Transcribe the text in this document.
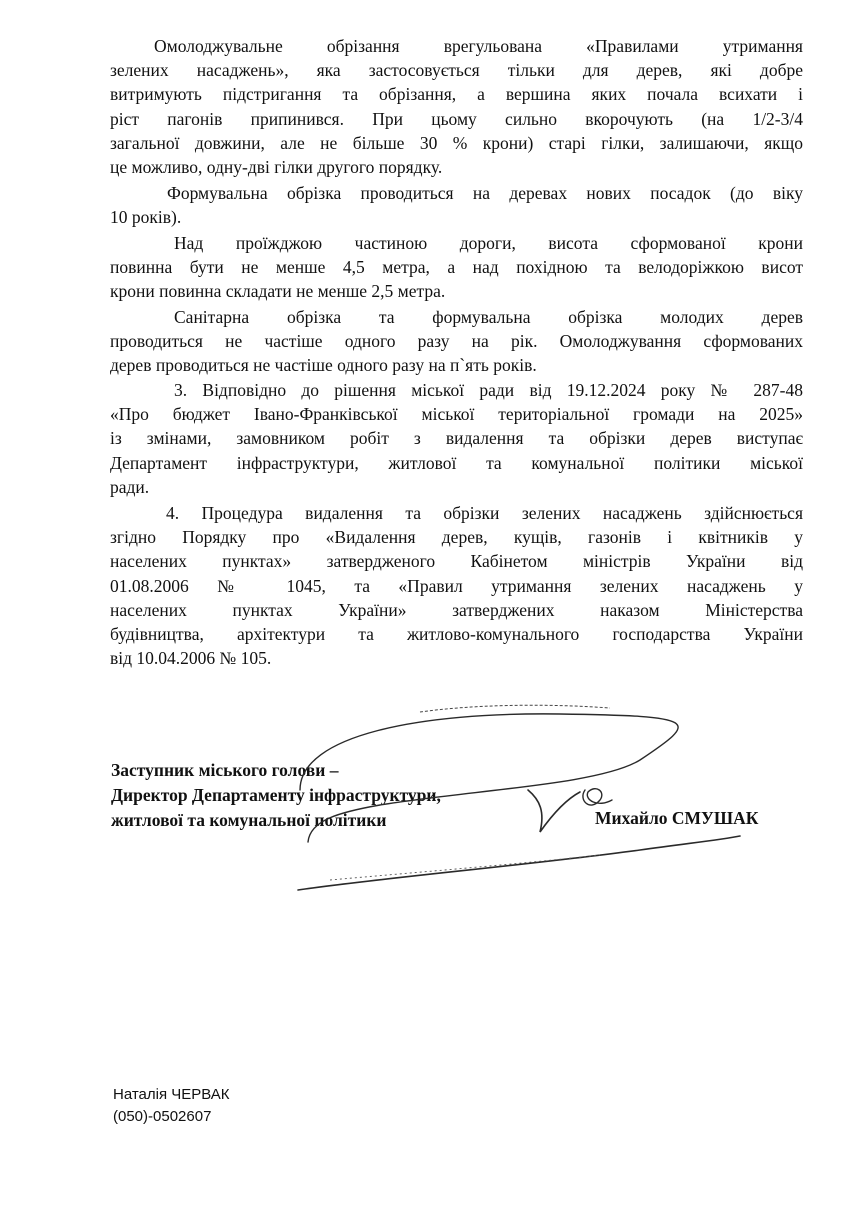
Омолоджувальне обрізання врегульована «Правилами утримання
зелених насаджень», яка застосовується тільки для дерев, які добре
витримують підстригання та обрізання, а вершина яких почала всихати і
ріст пагонів припинився. При цьому сильно вкорочують (на 1/2-3/4
загальної довжини, але не більше 30 % крони) старі гілки, залишаючи, якщо
це можливо, одну-дві гілки другого порядку.
Формувальна обрізка проводиться на деревах нових посадок (до віку
10 років).
Над проїжджою частиною дороги, висота сформованої крони
повинна бути не менше 4,5 метра, а над похідною та велодоріжкою висот
крони повинна складати не менше 2,5 метра.
Санітарна обрізка та формувальна обрізка молодих дерев
проводиться не частіше одного разу на рік. Омолоджування сформованих
дерев проводиться не частіше одного разу на п`ять років.
3. Відповідно до рішення міської ради від 19.12.2024 року № 287-48
«Про бюджет Івано-Франківської міської територіальної громади на 2025»
із змінами, замовником робіт з видалення та обрізки дерев виступає
Департамент інфраструктури, житлової та комунальної політики міської
ради.
4. Процедура видалення та обрізки зелених насаджень здійснюється
згідно Порядку про «Видалення дерев, кущів, газонів і квітників у
населених пунктах» затвердженого Кабінетом міністрів України від
01.08.2006 № 1045, та «Правил утримання зелених насаджень у
населених пунктах України» затверджених наказом Міністерства
будівництва, архітектури та житлово-комунального господарства України
від 10.04.2006 № 105.
Заступник міського голови –
Директор Департаменту інфраструктури,
житлової та комунальної політики	Михайло СМУШАК
Наталія ЧЕРВАК
(050)-0502607
